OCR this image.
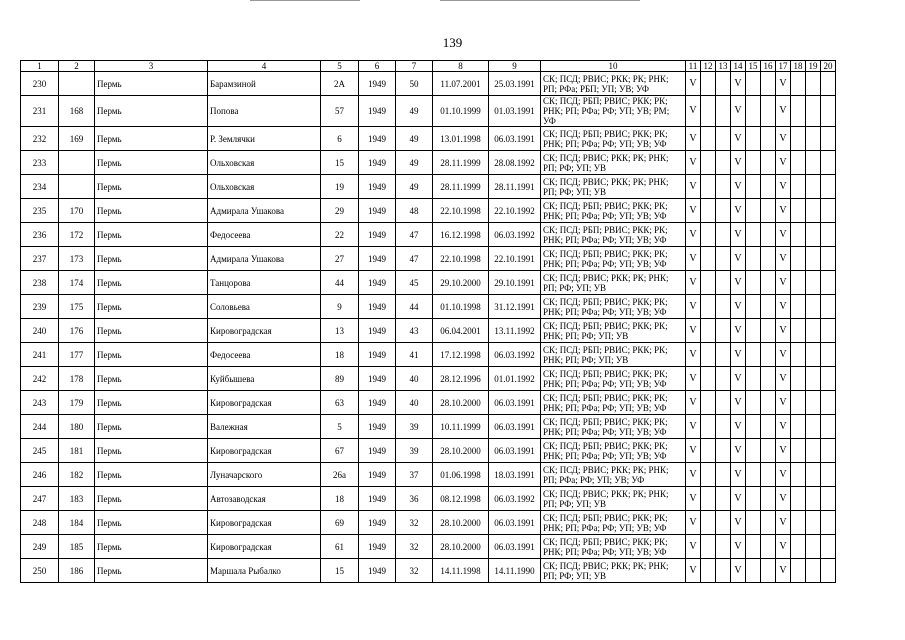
139
1	2	3	4	5	6	7	8	9	10	11	12	13	14	15	16	17	18	19	20
230		Пермь	Барамзиной	2А	1949	50	11.07.2001	25.03.1991	СК; ПСД; РВИС; РКК; РК; РНК; РП; РФа; РБП; УП; УВ; УФ	V			V			V			
231	168	Пермь	Попова	57	1949	49	01.10.1999	01.03.1991	СК; ПСД; РБП; РВИС; РКК; РК; РНК; РП; РФа; РФ; УП; УВ; РМ; УФ	V			V			V			
232	169	Пермь	Р. Землячки	6	1949	49	13.01.1998	06.03.1991	СК; ПСД; РБП; РВИС; РКК; РК; РНК; РП; РФа; РФ; УП; УВ; УФ	V			V			V			
233		Пермь	Ольховская	15	1949	49	28.11.1999	28.08.1992	СК; ПСД; РВИС; РКК; РК; РНК; РП; РФ; УП; УВ	V			V			V			
234		Пермь	Ольховская	19	1949	49	28.11.1999	28.11.1991	СК; ПСД; РВИС; РКК; РК; РНК; РП; РФ; УП; УВ	V			V			V			
235	170	Пермь	Адмирала Ушакова	29	1949	48	22.10.1998	22.10.1992	СК; ПСД; РБП; РВИС; РКК; РК; РНК; РП; РФа; РФ; УП; УВ; УФ	V			V			V			
236	172	Пермь	Федосеева	22	1949	47	16.12.1998	06.03.1992	СК; ПСД; РБП; РВИС; РКК; РК; РНК; РП; РФа; РФ; УП; УВ; УФ	V			V			V			
237	173	Пермь	Адмирала Ушакова	27	1949	47	22.10.1998	22.10.1991	СК; ПСД; РБП; РВИС; РКК; РК; РНК; РП; РФа; РФ; УП; УВ; УФ	V			V			V			
238	174	Пермь	Танцорова	44	1949	45	29.10.2000	29.10.1991	СК; ПСД; РВИС; РКК; РК; РНК; РП; РФ; УП; УВ	V			V			V			
239	175	Пермь	Соловьева	9	1949	44	01.10.1998	31.12.1991	СК; ПСД; РБП; РВИС; РКК; РК; РНК; РП; РФа; РФ; УП; УВ; УФ	V			V			V			
240	176	Пермь	Кировоградская	13	1949	43	06.04.2001	13.11.1992	СК; ПСД; РБП; РВИС; РКК; РК; РНК; РП; РФ; УП; УВ	V			V			V			
241	177	Пермь	Федосеева	18	1949	41	17.12.1998	06.03.1992	СК; ПСД; РБП; РВИС; РКК; РК; РНК; РП; РФ; УП; УВ	V			V			V			
242	178	Пермь	Куйбышева	89	1949	40	28.12.1996	01.01.1992	СК; ПСД; РБП; РВИС; РКК; РК; РНК; РП; РФа; РФ; УП; УВ; УФ	V			V			V			
243	179	Пермь	Кировоградская	63	1949	40	28.10.2000	06.03.1991	СК; ПСД; РБП; РВИС; РКК; РК; РНК; РП; РФа; РФ; УП; УВ; УФ	V			V			V			
244	180	Пермь	Валежная	5	1949	39	10.11.1999	06.03.1991	СК; ПСД; РБП; РВИС; РКК; РК; РНК; РП; РФа; РФ; УП; УВ; УФ	V			V			V			
245	181	Пермь	Кировоградская	67	1949	39	28.10.2000	06.03.1991	СК; ПСД; РБП; РВИС; РКК; РК; РНК; РП; РФа; РФ; УП; УВ; УФ	V			V			V			
246	182	Пермь	Луначарского	26а	1949	37	01.06.1998	18.03.1991	СК; ПСД; РВИС; РКК; РК; РНК; РП; РФа; РФ; УП; УВ; УФ	V			V			V			
247	183	Пермь	Автозаводская	18	1949	36	08.12.1998	06.03.1992	СК; ПСД; РВИС; РКК; РК; РНК; РП; РФ; УП; УВ	V			V			V			
248	184	Пермь	Кировоградская	69	1949	32	28.10.2000	06.03.1991	СК; ПСД; РБП; РВИС; РКК; РК; РНК; РП; РФа; РФ; УП; УВ; УФ	V			V			V			
249	185	Пермь	Кировоградская	61	1949	32	28.10.2000	06.03.1991	СК; ПСД; РБП; РВИС; РКК; РК; РНК; РП; РФа; РФ; УП; УВ; УФ	V			V			V			
250	186	Пермь	Маршала Рыбалко	15	1949	32	14.11.1998	14.11.1990	СК; ПСД; РВИС; РКК; РК; РНК; РП; РФ; УП; УВ	V			V			V			
